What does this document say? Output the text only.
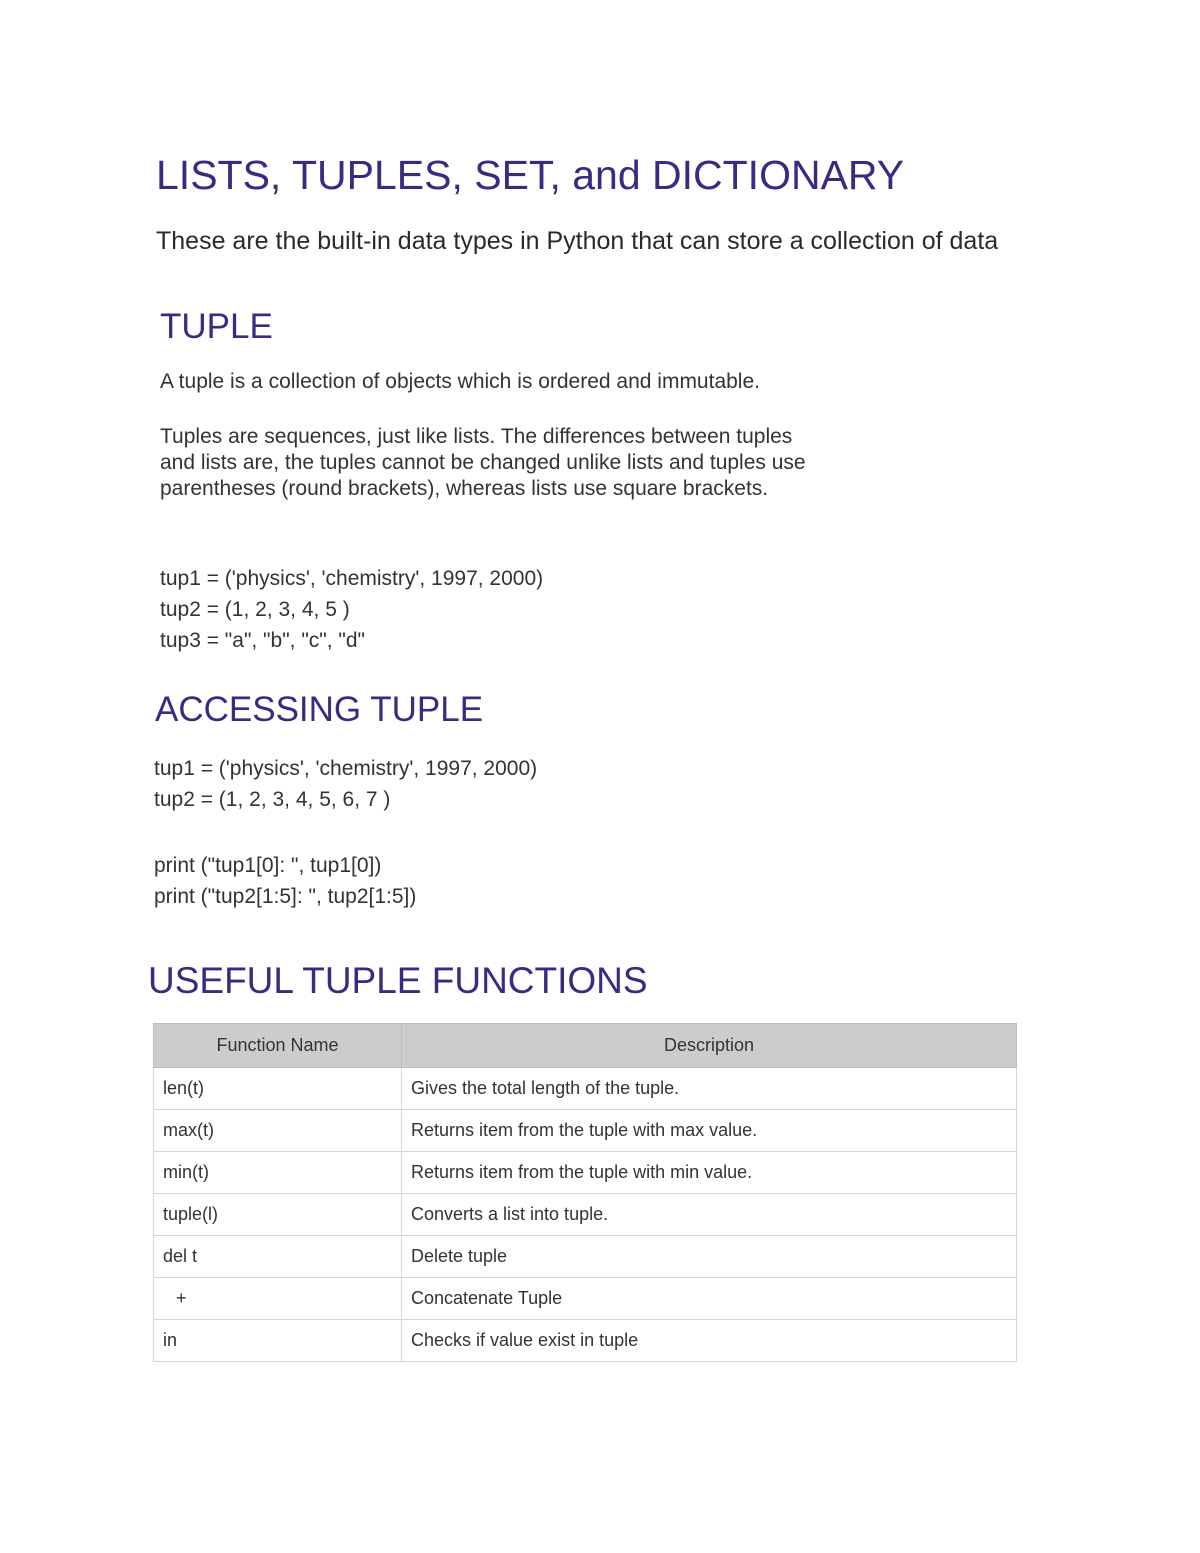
LISTS, TUPLES, SET, and DICTIONARY
These are the built-in data types in Python that can store a collection of data
TUPLE
A tuple is a collection of objects which is ordered and immutable.
Tuples are sequences, just like lists. The differences between tuples
and lists are, the tuples cannot be changed unlike lists and tuples use
parentheses (round brackets), whereas lists use square brackets.
tup1 = ('physics', 'chemistry', 1997, 2000)
tup2 = (1, 2, 3, 4, 5 )
tup3 = "a", "b", "c", "d"
ACCESSING TUPLE
tup1 = ('physics', 'chemistry', 1997, 2000)
tup2 = (1, 2, 3, 4, 5, 6, 7 )
print ("tup1[0]: ", tup1[0])
print ("tup2[1:5]: ", tup2[1:5])
USEFUL TUPLE FUNCTIONS
Function Name	Description
len(t)	Gives the total length of the tuple.
max(t)	Returns item from the tuple with max value.
min(t)	Returns item from the tuple with min value.
tuple(l)	Converts a list into tuple.
del t	Delete tuple
+	Concatenate Tuple
in	Checks if value exist in tuple
